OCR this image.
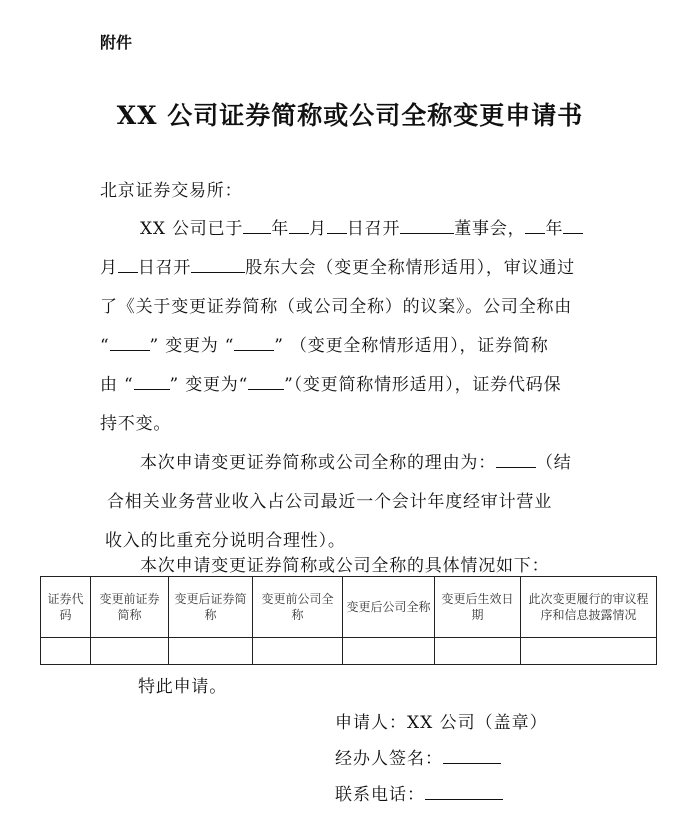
附件
XX 公司证券简称或公司全称变更申请书
北京证券交易所：
XX 公司已于 年 月 日召开	董事会， 年
月 日召开	股东大会（变更全称情形适用），审议通过
了《关于变更证券简称（或公司全称）的议案》。公司全称由
“ ” 变更为 “ ” （变更全称情形适用），证券简称
由 “ ” 变更为“ ”（变更简称情形适用），证券代码保
持不变。
本次申请变更证券简称或公司全称的理由为： （结
合相关业务营业收入占公司最近一个会计年度经审计营业
收入的比重充分说明合理性）。
本次申请变更证券简称或公司全称的具体情况如下：
证券代码	变更前证券简称	变更后证券简称	变更前公司全称	变更后公司全称	变更后生效日期	此次变更履行的审议程序和信息披露情况

特此申请。
申请人：XX 公司（盖章）
经办人签名：
联系电话：
